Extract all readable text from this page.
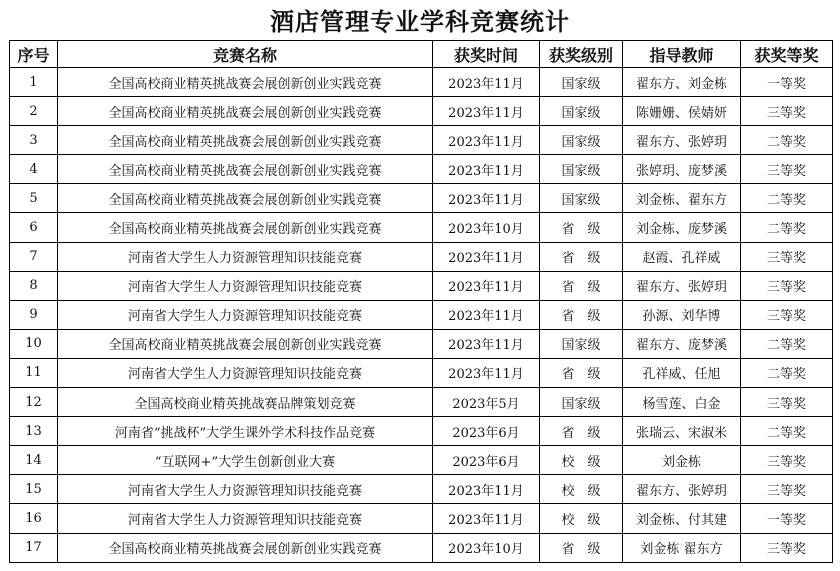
酒店管理专业学科竞赛统计
序号	竞赛名称	获奖时间	获奖级别	指导教师	获奖等奖
1	全国高校商业精英挑战赛会展创新创业实践竞赛	2023年11月	国家级	翟东方、刘金栋	一等奖
2	全国高校商业精英挑战赛会展创新创业实践竞赛	2023年11月	国家级	陈姗姗、侯婧妍	三等奖
3	全国高校商业精英挑战赛会展创新创业实践竞赛	2023年11月	国家级	翟东方、张婷玥	二等奖
4	全国高校商业精英挑战赛会展创新创业实践竞赛	2023年11月	国家级	张婷玥、庞梦溪	三等奖
5	全国高校商业精英挑战赛会展创新创业实践竞赛	2023年11月	国家级	刘金栋、翟东方	二等奖
6	全国高校商业精英挑战赛会展创新创业实践竞赛	2023年10月	省　级	刘金栋、庞梦溪	二等奖
7	河南省大学生人力资源管理知识技能竞赛	2023年11月	省　级	赵霞、孔祥威	三等奖
8	河南省大学生人力资源管理知识技能竞赛	2023年11月	省　级	翟东方、张婷玥	三等奖
9	河南省大学生人力资源管理知识技能竞赛	2023年11月	省　级	孙源、刘华博	三等奖
10	全国高校商业精英挑战赛会展创新创业实践竞赛	2023年11月	国家级	翟东方、庞梦溪	二等奖
11	河南省大学生人力资源管理知识技能竞赛	2023年11月	省　级	孔祥威、任旭	二等奖
12	全国高校商业精英挑战赛品牌策划竞赛	2023年5月	国家级	杨雪莲、白金	三等奖
13	河南省“挑战杯”大学生课外学术科技作品竞赛	2023年6月	省　级	张瑞云、宋淑米	二等奖
14	“互联网+”大学生创新创业大赛	2023年6月	校　级	刘金栋	三等奖
15	河南省大学生人力资源管理知识技能竞赛	2023年11月	校　级	翟东方、张婷玥	三等奖
16	河南省大学生人力资源管理知识技能竞赛	2023年11月	校　级	刘金栋、付其建	一等奖
17	全国高校商业精英挑战赛会展创新创业实践竞赛	2023年10月	省　级	刘金栋 翟东方	三等奖
